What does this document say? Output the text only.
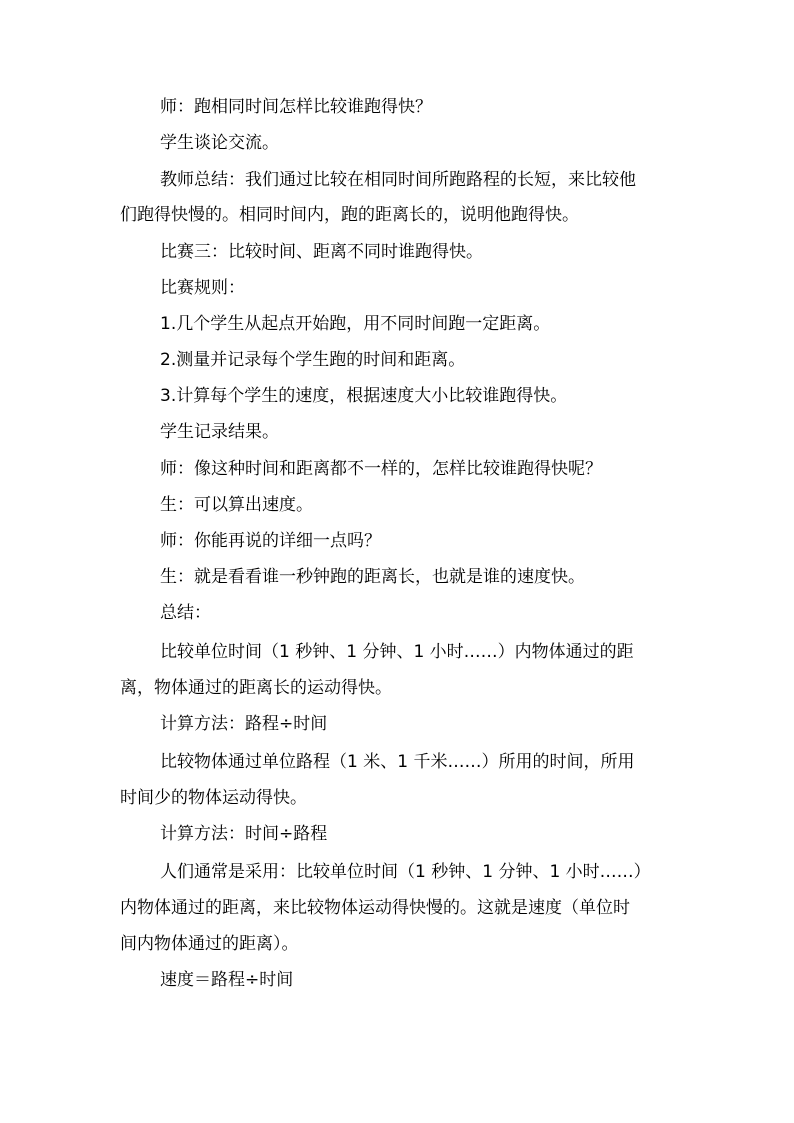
师：跑相同时间怎样比较谁跑得快？
学生谈论交流。
教师总结：我们通过比较在相同时间所跑路程的长短，来比较他
们跑得快慢的。相同时间内，跑的距离长的，说明他跑得快。
比赛三：比较时间、距离不同时谁跑得快。
比赛规则：
1.几个学生从起点开始跑，用不同时间跑一定距离。
2.测量并记录每个学生跑的时间和距离。
3.计算每个学生的速度，根据速度大小比较谁跑得快。
学生记录结果。
师：像这种时间和距离都不一样的，怎样比较谁跑得快呢？
生：可以算出速度。
师：你能再说的详细一点吗？
生：就是看看谁一秒钟跑的距离长，也就是谁的速度快。
总结：
比较单位时间（1 秒钟、1 分钟、1 小时……）内物体通过的距
离，物体通过的距离长的运动得快。
计算方法：路程÷时间
比较物体通过单位路程（1 米、1 千米……）所用的时间，所用
时间少的物体运动得快。
计算方法：时间÷路程
人们通常是采用：比较单位时间（1 秒钟、1 分钟、1 小时……）
内物体通过的距离，来比较物体运动得快慢的。这就是速度（单位时
间内物体通过的距离）。
速度＝路程÷时间
